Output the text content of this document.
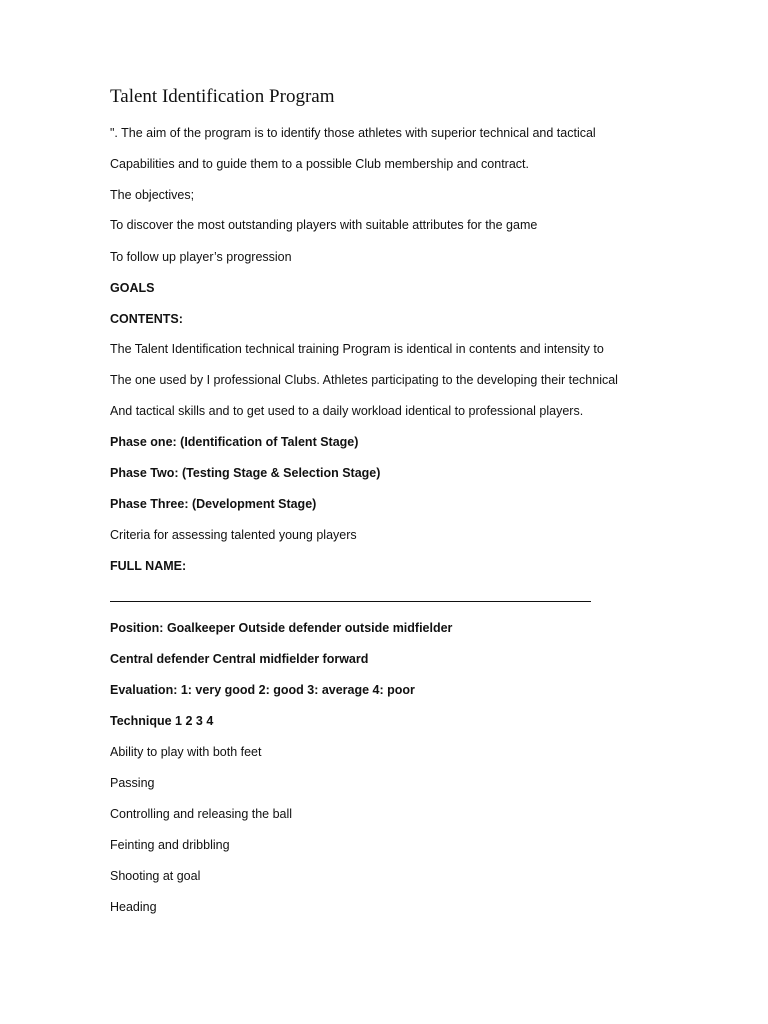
Talent Identification Program
". The aim of the program is to identify those athletes with superior technical and tactical
Capabilities and to guide them to a possible Club membership and contract.
The objectives;
To discover the most outstanding players with suitable attributes for the game
To follow up player’s progression
GOALS
CONTENTS:
The Talent Identification technical training Program is identical in contents and intensity to
The one used by I professional Clubs. Athletes participating to the developing their technical
And tactical skills and to get used to a daily workload identical to professional players.
Phase one: (Identification of Talent Stage)
Phase Two: (Testing Stage & Selection Stage)
Phase Three: (Development Stage)
Criteria for assessing talented young players
FULL NAME:
Position: Goalkeeper Outside defender outside midfielder
Central defender Central midfielder forward
Evaluation: 1: very good 2: good 3: average 4: poor
Technique 1 2 3 4
Ability to play with both feet
Passing
Controlling and releasing the ball
Feinting and dribbling
Shooting at goal
Heading
